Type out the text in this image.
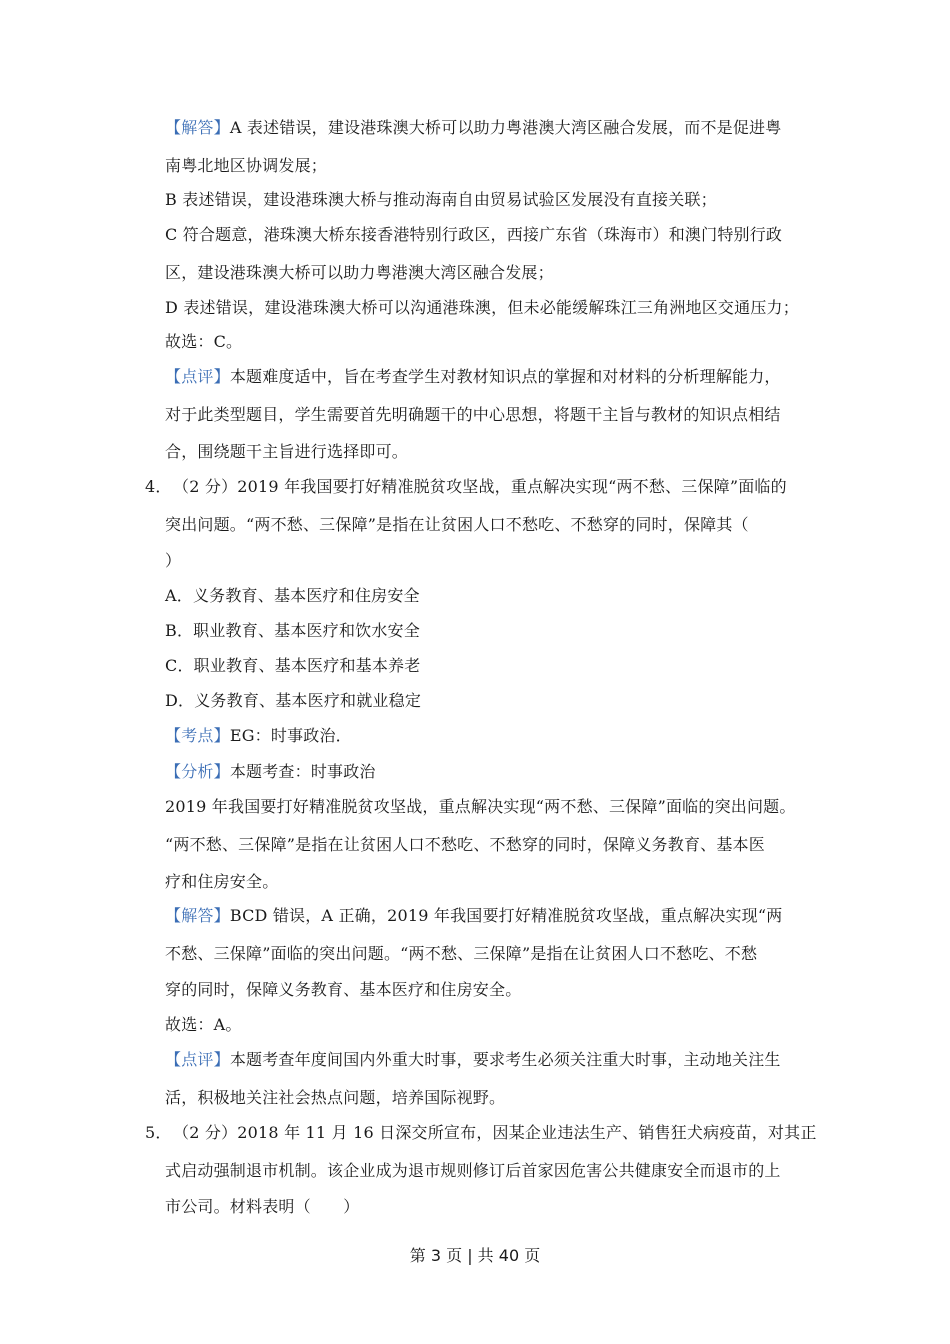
【解答】A 表述错误，建设港珠澳大桥可以助力粤港澳大湾区融合发展，而不是促进粤
南粤北地区协调发展；
B 表述错误，建设港珠澳大桥与推动海南自由贸易试验区发展没有直接关联；
C 符合题意，港珠澳大桥东接香港特别行政区，西接广东省（珠海市）和澳门特别行政
区，建设港珠澳大桥可以助力粤港澳大湾区融合发展；
D 表述错误，建设港珠澳大桥可以沟通港珠澳，但未必能缓解珠江三角洲地区交通压力；
故选：C。
【点评】本题难度适中，旨在考查学生对教材知识点的掌握和对材料的分析理解能力，
对于此类型题目，学生需要首先明确题干的中心思想，将题干主旨与教材的知识点相结
合，围绕题干主旨进行选择即可。
4． （2 分）2019 年我国要打好精准脱贫攻坚战，重点解决实现“两不愁、三保障”面临的
突出问题。“两不愁、三保障”是指在让贫困人口不愁吃、不愁穿的同时，保障其（
）
A．义务教育、基本医疗和住房安全
B．职业教育、基本医疗和饮水安全
C．职业教育、基本医疗和基本养老
D．义务教育、基本医疗和就业稳定
【考点】EG：时事政治．
【分析】本题考查：时事政治
2019 年我国要打好精准脱贫攻坚战，重点解决实现“两不愁、三保障”面临的突出问题。
“两不愁、三保障”是指在让贫困人口不愁吃、不愁穿的同时，保障义务教育、基本医
疗和住房安全。
【解答】BCD 错误，A 正确，2019 年我国要打好精准脱贫攻坚战，重点解决实现“两
不愁、三保障”面临的突出问题。“两不愁、三保障”是指在让贫困人口不愁吃、不愁
穿的同时，保障义务教育、基本医疗和住房安全。
故选：A。
【点评】本题考查年度间国内外重大时事，要求考生必须关注重大时事，主动地关注生
活，积极地关注社会热点问题，培养国际视野。
5． （2 分）2018 年 11 月 16 日深交所宣布，因某企业违法生产、销售狂犬病疫苗，对其正
式启动强制退市机制。该企业成为退市规则修订后首家因危害公共健康安全而退市的上
市公司。材料表明（　　）
第 3 页 | 共 40 页
